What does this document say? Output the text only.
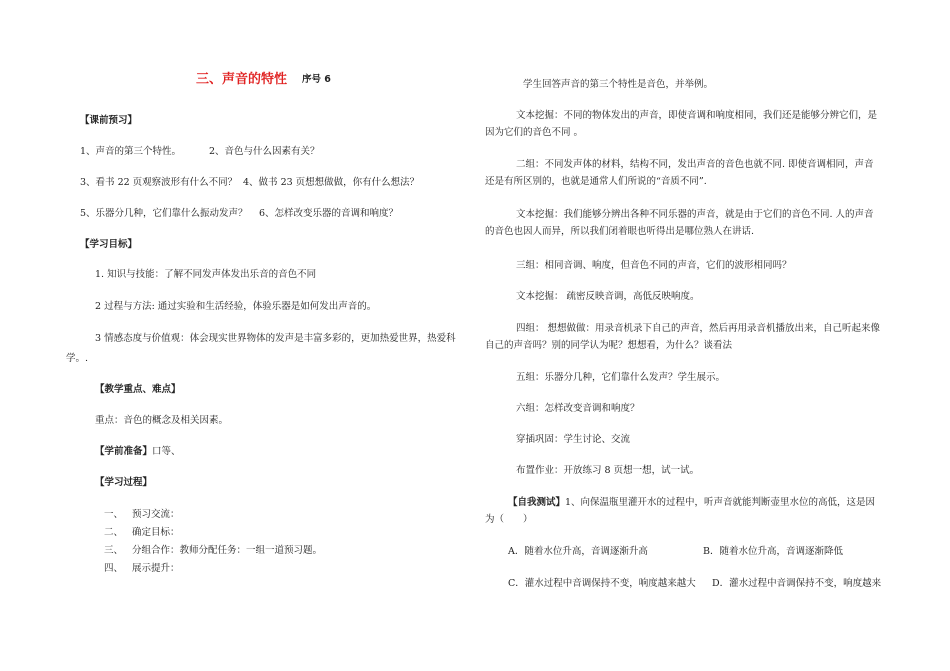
三、声音的特性 序号 6
【课前预习】
1、声音的第三个特性。	2、音色与什么因素有关？
3、看书 22 页观察波形有什么不同？ 4、做书 23 页想想做做，你有什么想法？
5、乐器分几种，它们靠什么振动发声？ 6、怎样改变乐器的音调和响度？
【学习目标】
1. 知识与技能：了解不同发声体发出乐音的音色不同
2 过程与方法: 通过实验和生活经验，体验乐器是如何发出声音的。
3 情感态度与价值观：体会现实世界物体的发声是丰富多彩的，更加热爱世界，热爱科
学。.
【教学重点、难点】
重点：音色的概念及相关因素。
【学前准备】口等、
【学习过程】
一、 预习交流：
二、 确定目标：
三、 分组合作：教师分配任务：一组一道预习题。
四、 展示提升：
学生回答声音的第三个特性是音色，并举例。
文本挖掘：不同的物体发出的声音，即使音调和响度相同，我们还是能够分辨它们，是
因为它们的音色不同 。
二组：不同发声体的材料，结构不同，发出声音的音色也就不同. 即使音调相同，声音
还是有所区别的，也就是通常人们所说的“音质不同”.
文本挖掘：我们能够分辨出各种不同乐器的声音，就是由于它们的音色不同. 人的声音
的音色也因人而异，所以我们闭着眼也听得出是哪位熟人在讲话.
三组：相同音调、响度，但音色不同的声音，它们的波形相同吗？
文本挖掘： 疏密反映音调，高低反映响度。
四组： 想想做做：用录音机录下自己的声音，然后再用录音机播放出来，自己听起来像
自己的声音吗？别的同学认为呢？想想看，为什么？谈看法
五组：乐器分几种，它们靠什么发声？学生展示。
六组：怎样改变音调和响度？
穿插巩固：学生讨论、交流
布置作业：开放练习 8 页想一想，试一试。
【自我测试】1、向保温瓶里灌开水的过程中，听声音就能判断壶里水位的高低，这是因
为（　　）
A．随着水位升高，音调逐渐升高	B．随着水位升高，音调逐渐降低
C．灌水过程中音调保持不变，响度越来越大 D．灌水过程中音调保持不变，响度越来
